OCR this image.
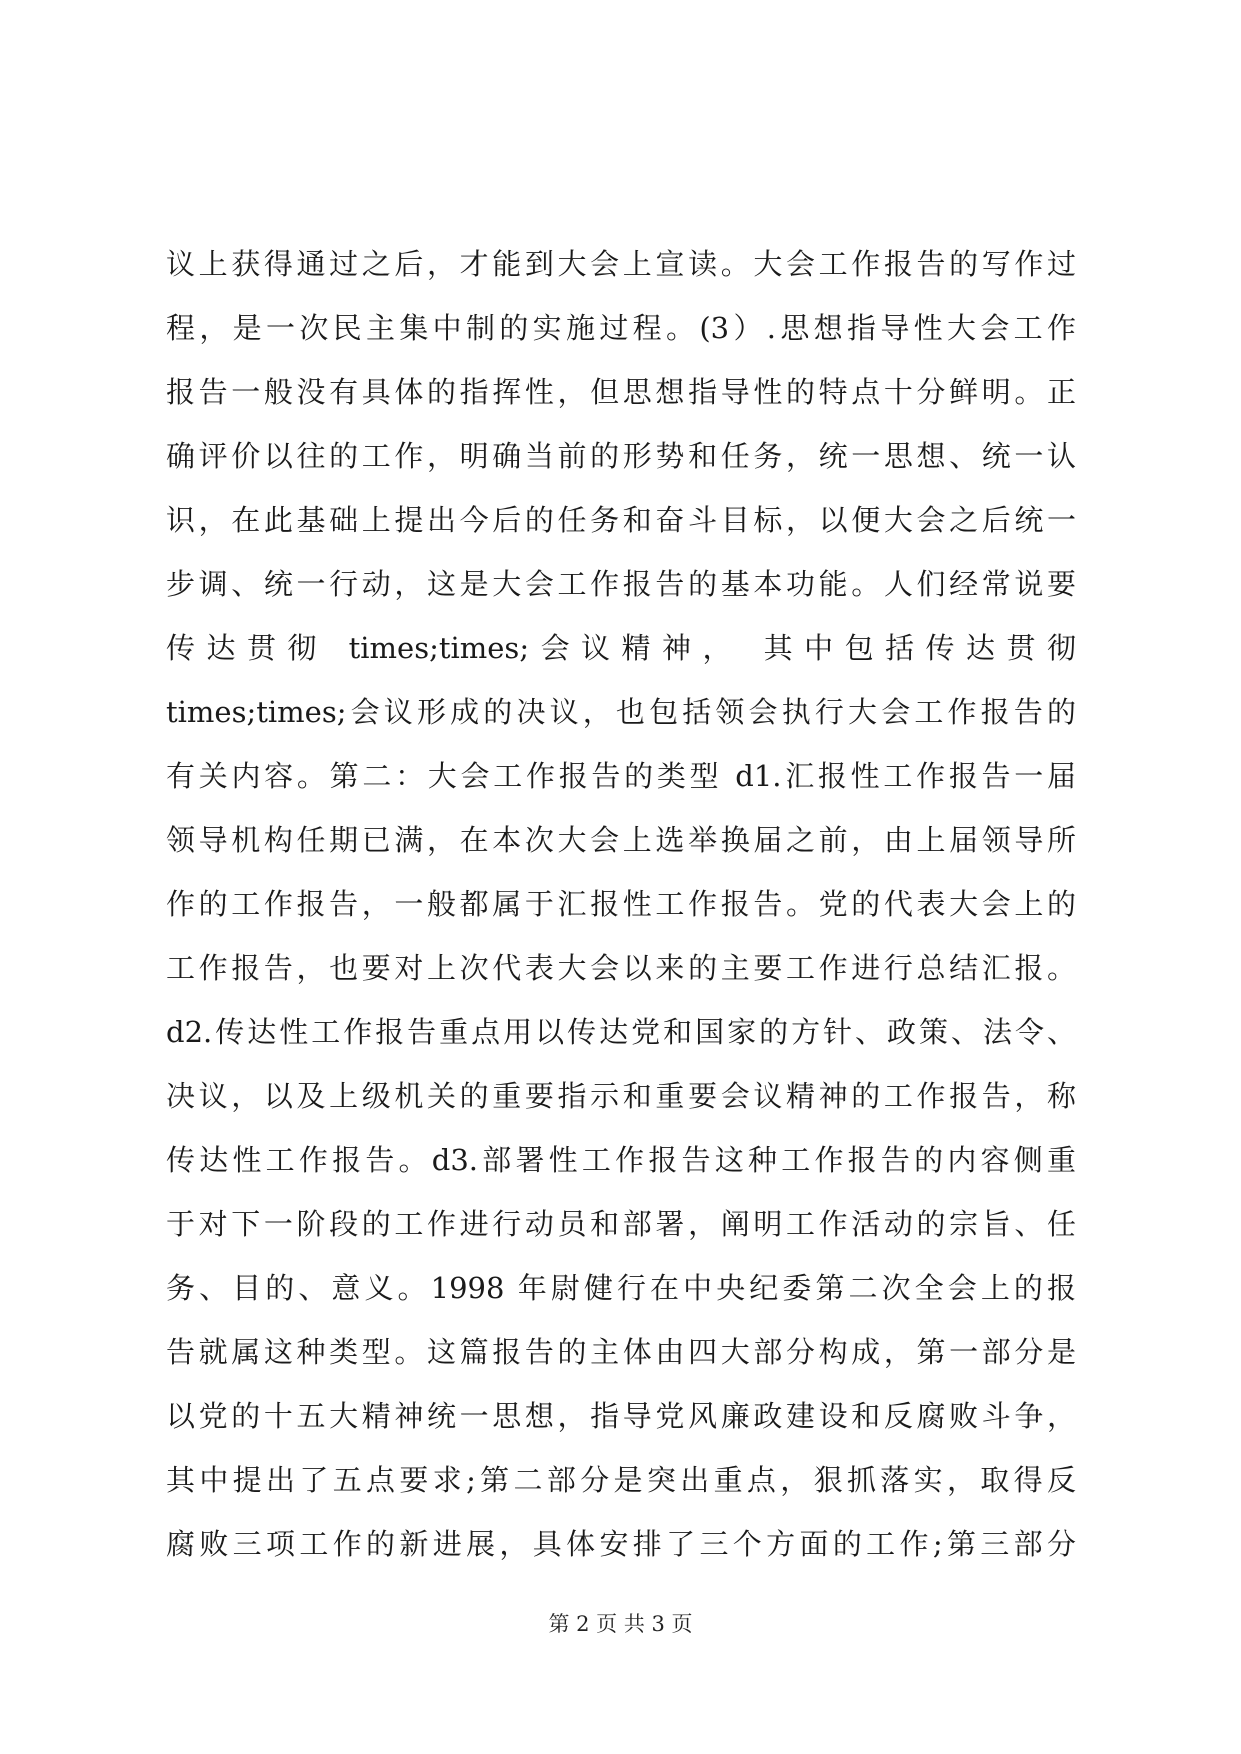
议上获得通过之后，才能到大会上宣读。大会工作报告的写作过
程，是一次民主集中制的实施过程。(3）.思想指导性大会工作
报告一般没有具体的指挥性，但思想指导性的特点十分鲜明。正
确评价以往的工作，明确当前的形势和任务，统一思想、统一认
识，在此基础上提出今后的任务和奋斗目标，以便大会之后统一
步调、统一行动，这是大会工作报告的基本功能。人们经常说要
传达贯彻 times;times;会议精神， 其中包括传达贯彻
times;times;会议形成的决议，也包括领会执行大会工作报告的
有关内容。第二：大会工作报告的类型 d1.汇报性工作报告一届
领导机构任期已满，在本次大会上选举换届之前，由上届领导所
作的工作报告，一般都属于汇报性工作报告。党的代表大会上的
工作报告，也要对上次代表大会以来的主要工作进行总结汇报。
d2.传达性工作报告重点用以传达党和国家的方针、政策、法令、
决议，以及上级机关的重要指示和重要会议精神的工作报告，称
传达性工作报告。d3.部署性工作报告这种工作报告的内容侧重
于对下一阶段的工作进行动员和部署，阐明工作活动的宗旨、任
务、目的、意义。1998 年尉健行在中央纪委第二次全会上的报
告就属这种类型。这篇报告的主体由四大部分构成，第一部分是
以党的十五大精神统一思想，指导党风廉政建设和反腐败斗争，
其中提出了五点要求;第二部分是突出重点，狠抓落实，取得反
腐败三项工作的新进展，具体安排了三个方面的工作;第三部分
第 2 页 共 3 页
